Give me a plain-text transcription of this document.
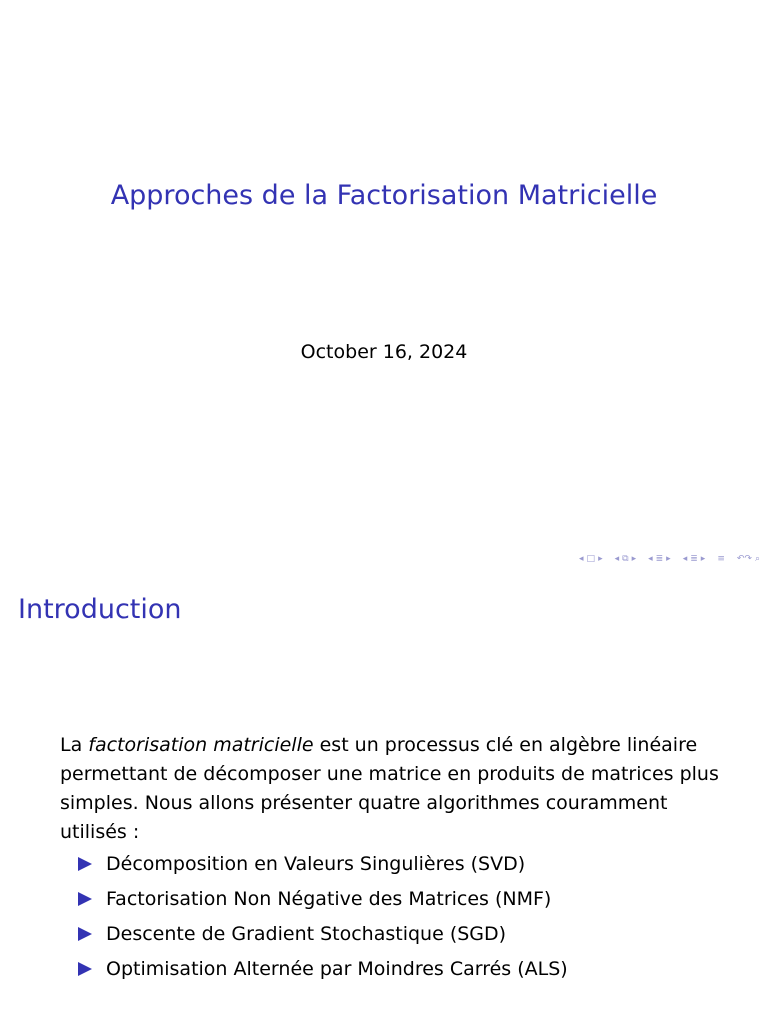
Approches de la Factorisation Matricielle
October 16, 2024
◂ □ ▸ ◂ ⧉ ▸ ◂ ≣ ▸ ◂ ≣ ▸ ≡ ↶↷ ⌕
Introduction
La factorisation matricielle est un processus clé en algèbre linéaire permettant de décomposer une matrice en produits de matrices plus simples. Nous allons présenter quatre algorithmes couramment utilisés :
Décomposition en Valeurs Singulières (SVD)
Factorisation Non Négative des Matrices (NMF)
Descente de Gradient Stochastique (SGD)
Optimisation Alternée par Moindres Carrés (ALS)
